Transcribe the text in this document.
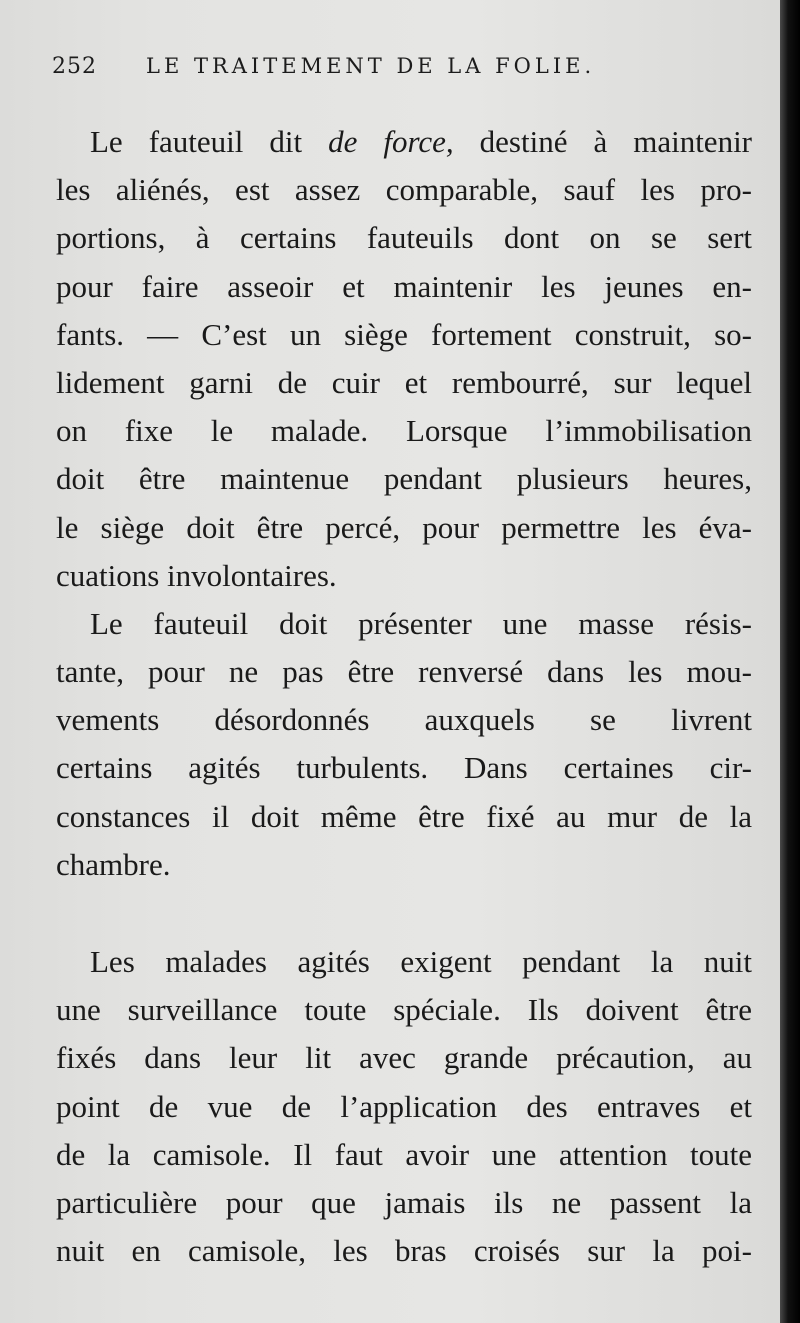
252 LE TRAITEMENT DE LA FOLIE.
Le fauteuil dit de force, destiné à maintenir
les aliénés, est assez comparable, sauf les pro-
portions, à certains fauteuils dont on se sert
pour faire asseoir et maintenir les jeunes en-
fants. — C’est un siège fortement construit, so-
lidement garni de cuir et rembourré, sur lequel
on fixe le malade. Lorsque l’immobilisation
doit être maintenue pendant plusieurs heures,
le siège doit être percé, pour permettre les éva-
cuations involontaires.
Le fauteuil doit présenter une masse résis-
tante, pour ne pas être renversé dans les mou-
vements désordonnés auxquels se livrent
certains agités turbulents. Dans certaines cir-
constances il doit même être fixé au mur de la
chambre.
Les malades agités exigent pendant la nuit
une surveillance toute spéciale. Ils doivent être
fixés dans leur lit avec grande précaution, au
point de vue de l’application des entraves et
de la camisole. Il faut avoir une attention toute
particulière pour que jamais ils ne passent la
nuit en camisole, les bras croisés sur la poi-
